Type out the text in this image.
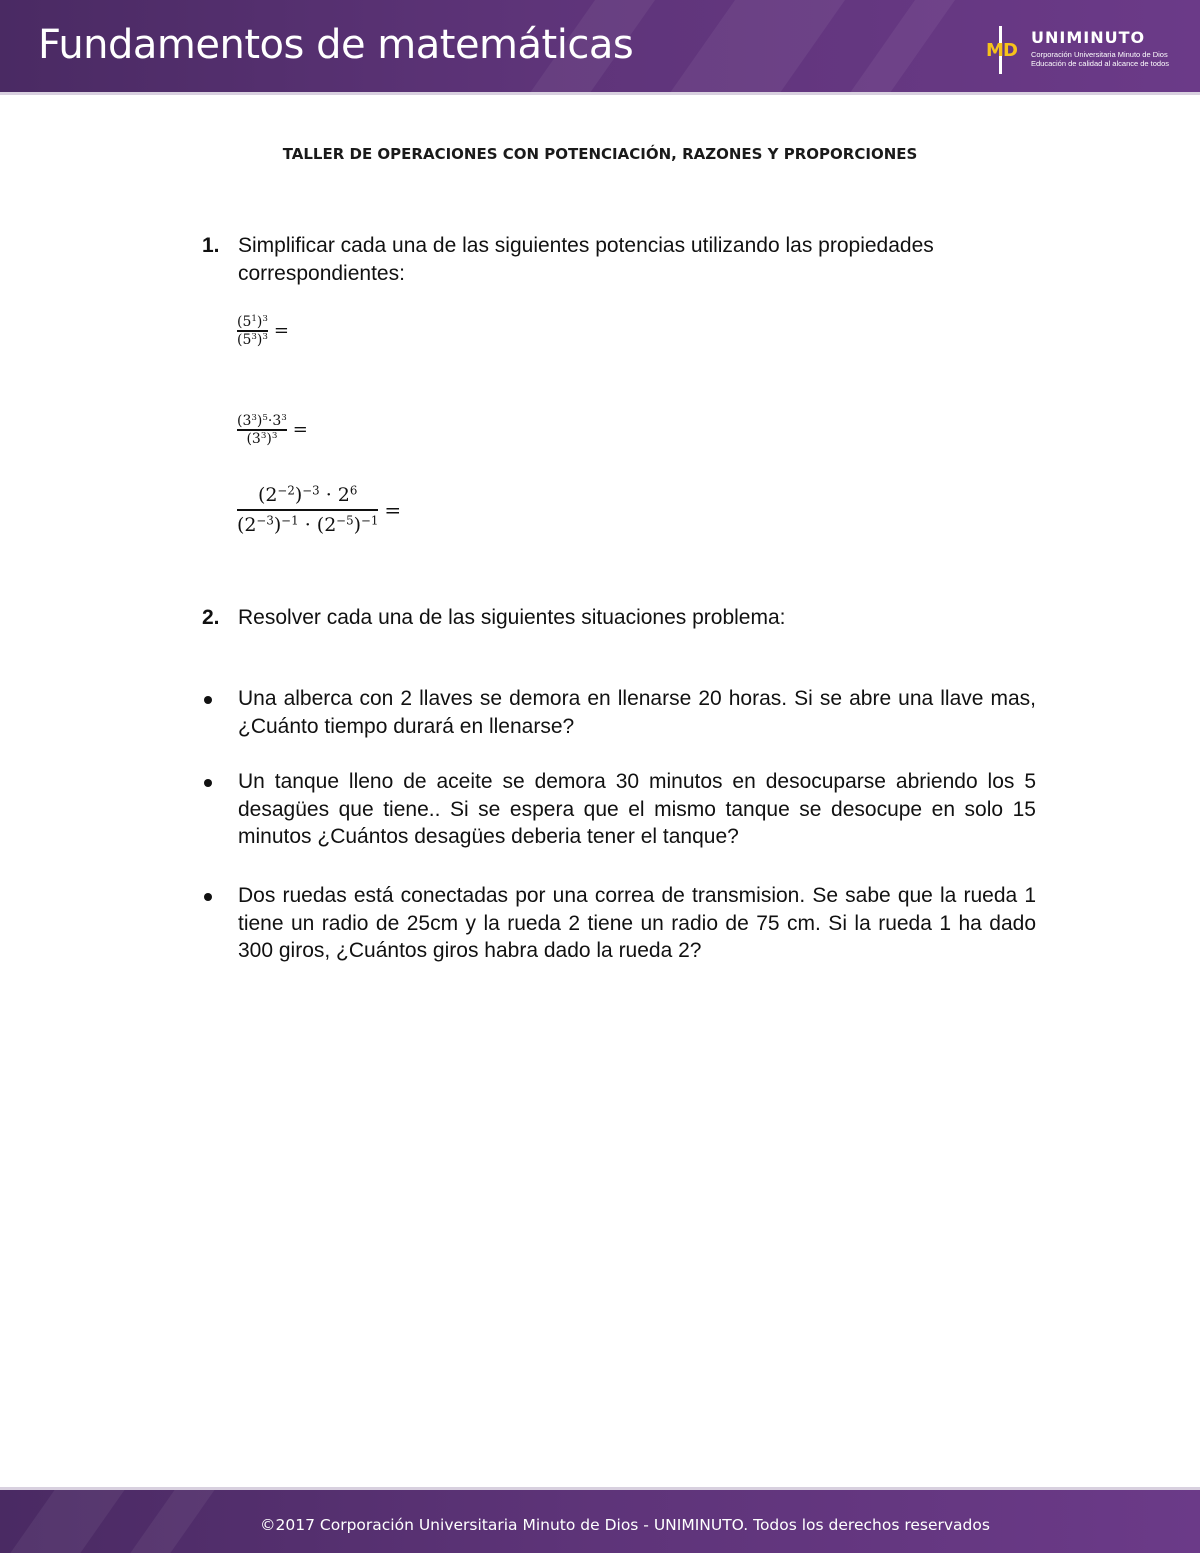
Fundamentos de matemáticas	M D
UNIMINUTO
Corporación Universitaria Minuto de Dios
Educación de calidad al alcance de todos
TALLER DE OPERACIONES CON POTENCIACIÓN, RAZONES Y PROPORCIONES
1. Simplificar cada una de las siguientes potencias utilizando las propiedades correspondientes:
$\frac{(5^1)^3}{(5^3)^3}$ =
$\frac{(3^3)^5\cdot 3^3}{(3^3)^3}$ =
$\frac{(2^{-2})^{-3} \cdot 2^6}{(2^{-3})^{-1} \cdot (2^{-5})^{-1}}$ =
2. Resolver cada una de las siguientes situaciones problema:
Una alberca con 2 llaves se demora en llenarse 20 horas. Si se abre una llave mas, ¿Cuánto tiempo durará en llenarse?
Un tanque lleno de aceite se demora 30 minutos en desocuparse abriendo los 5 desagües que tiene.. Si se espera que el mismo tanque se desocupe en solo 15 minutos ¿Cuántos desagües deberia tener el tanque?
Dos ruedas está conectadas por una correa de transmision. Se sabe que la rueda 1 tiene un radio de 25cm y la rueda 2 tiene un radio de 75 cm. Si la rueda 1 ha dado 300 giros, ¿Cuántos giros habra dado la rueda 2?
©2017 Corporación Universitaria Minuto de Dios - UNIMINUTO. Todos los derechos reservados
